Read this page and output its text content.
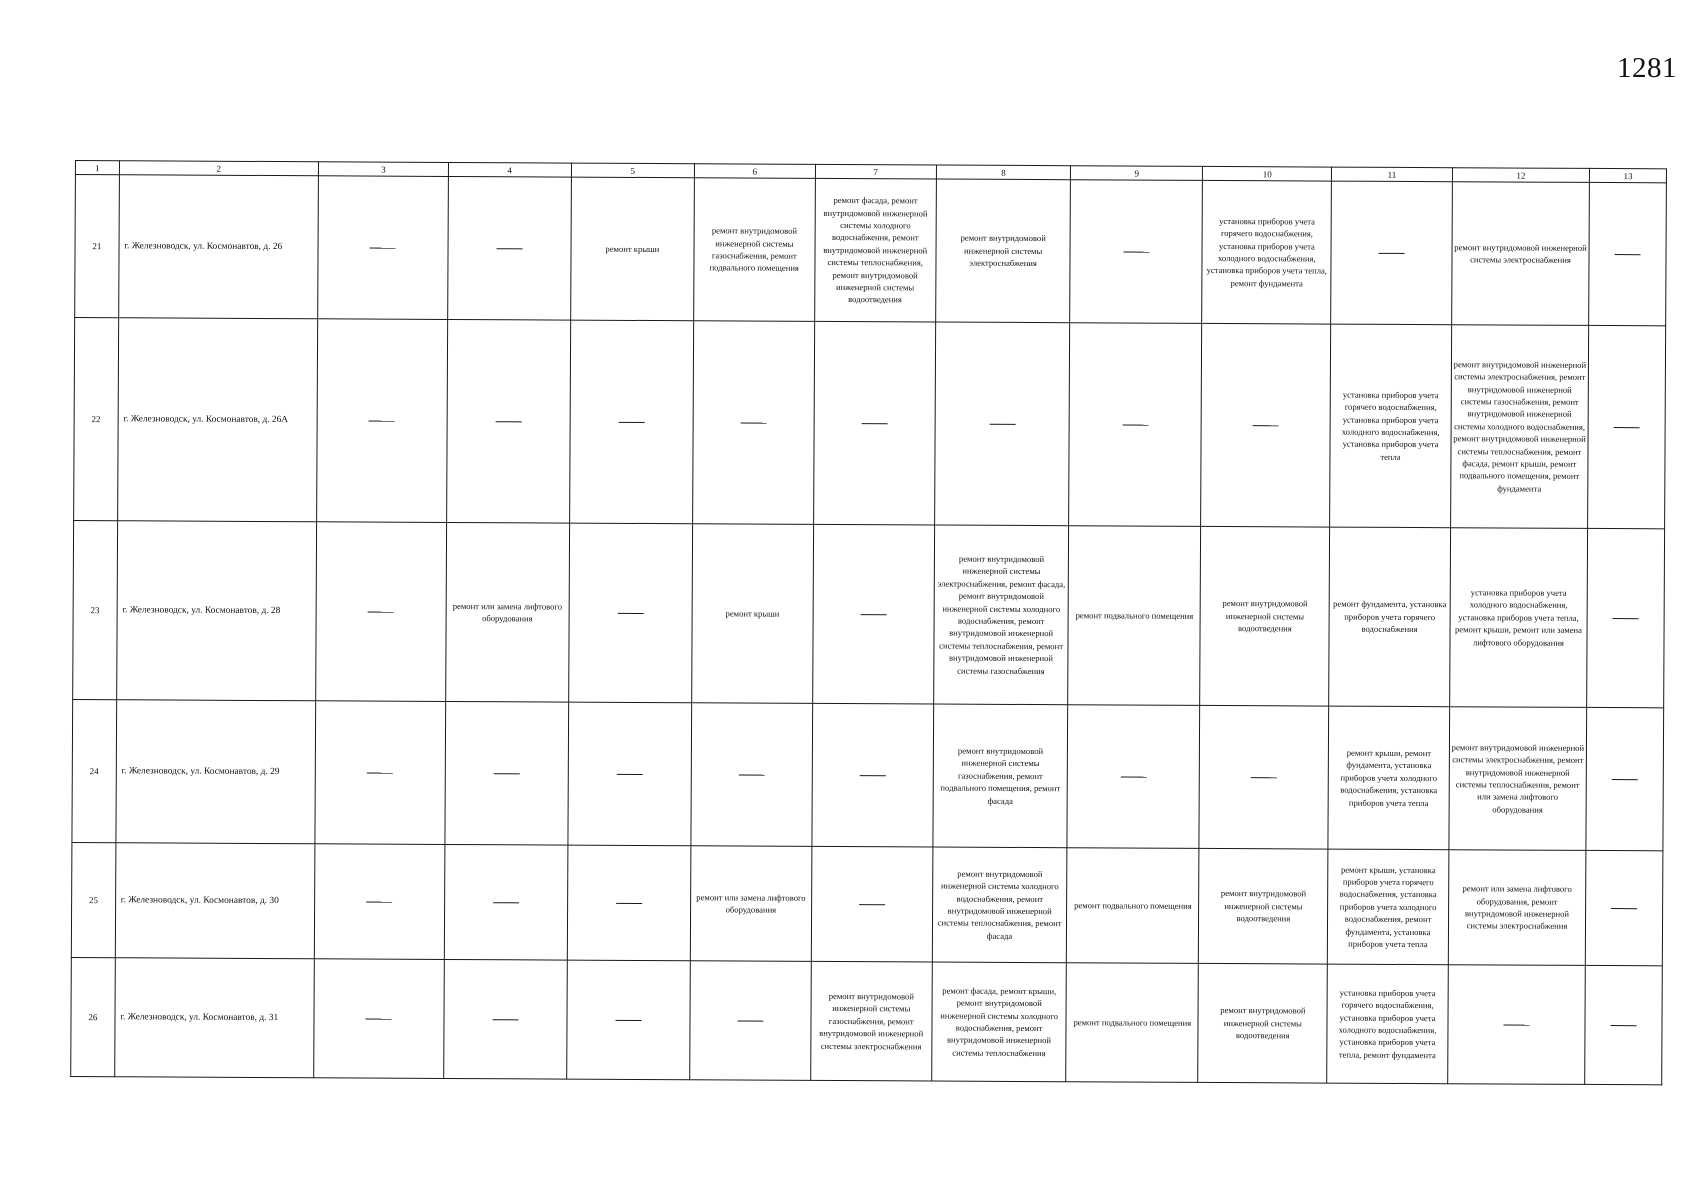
1281
1	2	3	4	5	6	7	8	9	10	11	12	13
21	г. Железноводск, ул. Космонавтов, д. 26			ремонт крыши	ремонт внутридомовой инженерной системы газоснабжения, ремонт подвального помещения	ремонт фасада, ремонт внутридомовой инженерной системы холодного водоснабжения, ремонт внутридомовой инженерной системы теплоснабжения, ремонт внутридомовой инженерной системы водоотведения	ремонт внутридомовой инженерной системы электроснабжения		установка приборов учета горячего водоснабжения, установка приборов учета холодного водоснабжения, установка приборов учета тепла, ремонт фундамента		ремонт внутридомовой инженерной системы электроснабжения	
22	г. Железноводск, ул. Космонавтов, д. 26А									установка приборов учета горячего водоснабжения, установка приборов учета холодного водоснабжения, установка приборов учета тепла	ремонт внутридомовой инженерной системы электроснабжения, ремонт внутридомовой инженерной системы газоснабжения, ремонт внутридомовой инженерной системы холодного водоснабжения, ремонт внутридомовой инженерной системы теплоснабжения, ремонт фасада, ремонт крыши, ремонт подвального помещения, ремонт фундамента	
23	г. Железноводск, ул. Космонавтов, д. 28		ремонт или замена лифтового оборудования		ремонт крыши		ремонт внутридомовой инженерной системы электроснабжения, ремонт фасада, ремонт внутридомовой инженерной системы холодного водоснабжения, ремонт внутридомовой инженерной системы теплоснабжения, ремонт внутридомовой инженерной системы газоснабжения	ремонт подвального помещения	ремонт внутридомовой инженерной системы водоотведения	ремонт фундамента, установка приборов учета горячего водоснабжения	установка приборов учета холодного водоснабжения, установка приборов учета тепла, ремонт крыши, ремонт или замена лифтового оборудования	
24	г. Железноводск, ул. Космонавтов, д. 29						ремонт внутридомовой инженерной системы газоснабжения, ремонт подвального помещения, ремонт фасада			ремонт крыши, ремонт фундамента, установка приборов учета холодного водоснабжения, установка приборов учета тепла	ремонт внутридомовой инженерной системы электроснабжения, ремонт внутридомовой инженерной системы теплоснабжения, ремонт или замена лифтового оборудования	
25	г. Железноводск, ул. Космонавтов, д. 30				ремонт или замена лифтового оборудования		ремонт внутридомовой инженерной системы холодного водоснабжения, ремонт внутридомовой инженерной системы теплоснабжения, ремонт фасада	ремонт подвального помещения	ремонт внутридомовой инженерной системы водоотведения	ремонт крыши, установка приборов учета горячего водоснабжения, установка приборов учета холодного водоснабжения, ремонт фундамента, установка приборов учета тепла	ремонт или замена лифтового оборудования, ремонт внутридомовой инженерной системы электроснабжения	
26	г. Железноводск, ул. Космонавтов, д. 31					ремонт внутридомовой инженерной системы газоснабжения, ремонт внутридомовой инженерной системы электроснабжения	ремонт фасада, ремонт крыши, ремонт внутридомовой инженерной системы холодного водоснабжения, ремонт внутридомовой инженерной системы теплоснабжения	ремонт подвального помещения	ремонт внутридомовой инженерной системы водоотведения	установка приборов учета горячего водоснабжения, установка приборов учета холодного водоснабжения, установка приборов учета тепла, ремонт фундамента		
